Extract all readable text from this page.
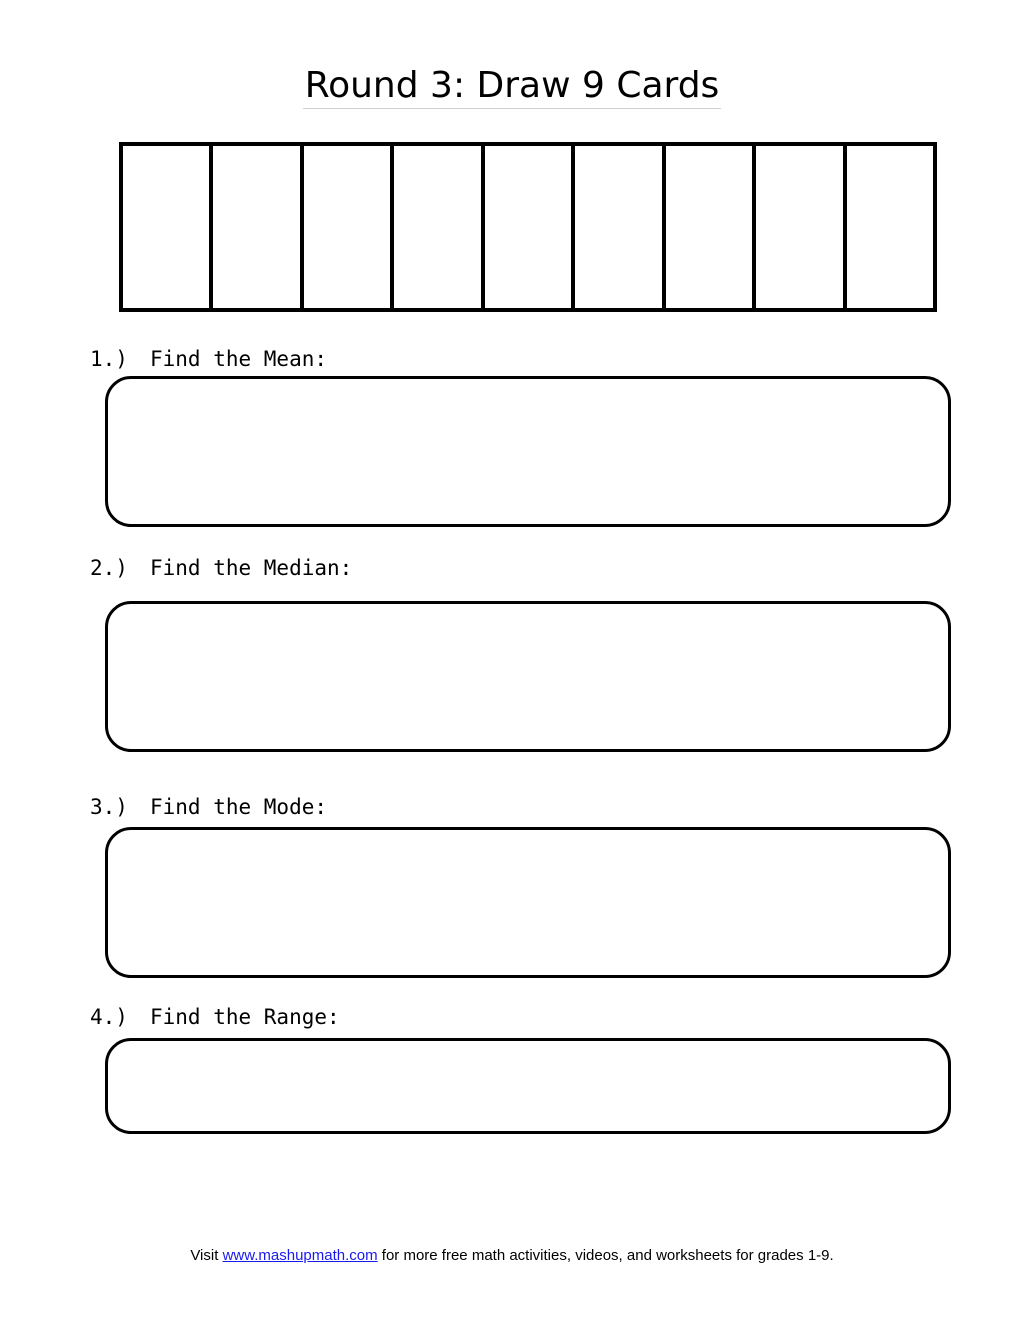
Round 3: Draw 9 Cards
1.) Find the Mean:
2.) Find the Median:
3.) Find the Mode:
4.) Find the Range:
Visit www.mashupmath.com for more free math activities, videos, and worksheets for grades 1-9.
